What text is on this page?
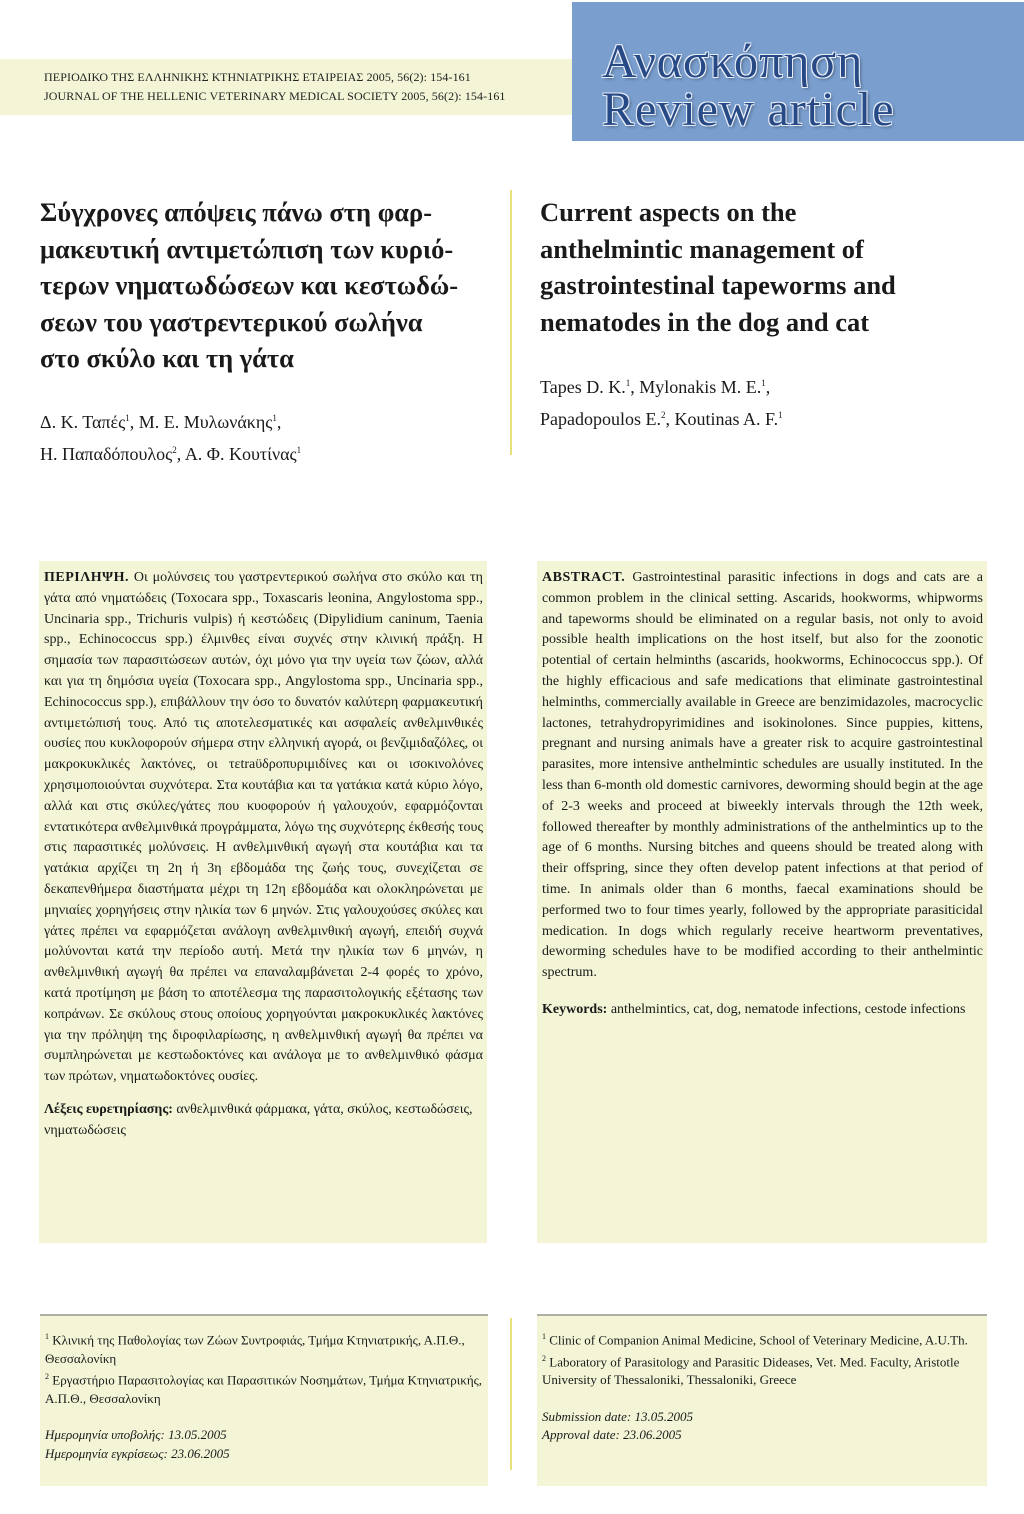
ΠΕΡΙΟΔΙΚΟ ΤΗΣ ΕΛΛΗΝΙΚΗΣ ΚΤΗΝΙΑΤΡΙΚΗΣ ΕΤΑΙΡΕΙΑΣ 2005, 56(2): 154-161
JOURNAL OF THE HELLENIC VETERINARY MEDICAL SOCIETY 2005, 56(2): 154-161
Ανασκόπηση
Review article
Σύγχρονες απόψεις πάνω στη φαρ-
μακευτική αντιμετώπιση των κυριό-
τερων νηματωδώσεων και κεστωδώ-
σεων του γαστρεντερικού σωλήνα
στο σκύλο και τη γάτα
Current aspects on the
anthelmintic management of
gastrointestinal tapeworms and
nematodes in the dog and cat
Δ. Κ. Ταπές$^1$, Μ. Ε. Μυλωνάκης$^1$,
Η. Παπαδόπουλος$^2$, Α. Φ. Κουτίνας$^1$
Tapes D. K.$^1$, Mylonakis M. E.$^1$,
Papadopoulos E.$^2$, Koutinas A. F.$^1$
ΠΕΡΙΛΗΨΗ. Οι μολύνσεις του γαστρεντερικού σωλήνα στο σκύλο και τη γάτα από νηματώδεις (Toxocara spp., Toxascaris leonina, Angylostoma spp., Uncinaria spp., Trichuris vulpis) ή κεστώδεις (Dipylidium caninum, Taenia spp., Echinococcus spp.) έλμινθες είναι συχνές στην κλινική πράξη. Η σημασία των παρασιτώσεων αυτών, όχι μόνο για την υγεία των ζώων, αλλά και για τη δημόσια υγεία (Toxocara spp., Angylostoma spp., Uncinaria spp., Echinococcus spp.), επιβάλλουν την όσο το δυνατόν καλύτερη φαρμακευτική αντιμετώπισή τους. Από τις αποτελεσματικές και ασφαλείς ανθελμινθικές ουσίες που κυκλοφορούν σήμερα στην ελληνική αγορά, οι βενζιμιδαζόλες, οι μακροκυκλικές λακτόνες, οι τεtraϋδροπυριμιδίνες και οι ισοκινολόνες χρησιμοποιούνται συχνότερα. Στα κουτάβια και τα γατάκια κατά κύριο λόγο, αλλά και στις σκύλες/γάτες που κυοφορούν ή γαλουχούν, εφαρμόζονται εντατικότερα ανθελμινθικά προγράμματα, λόγω της συχνότερης έκθεσής τους στις παρασιτικές μολύνσεις. Η ανθελμινθική αγωγή στα κουτάβια και τα γατάκια αρχίζει τη 2η ή 3η εβδομάδα της ζωής τους, συνεχίζεται σε δεκαπενθήμερα διαστήματα μέχρι τη 12η εβδομάδα και ολοκληρώνεται με μηνιαίες χορηγήσεις στην ηλικία των 6 μηνών. Στις γαλουχούσες σκύλες και γάτες πρέπει να εφαρμόζεται ανάλογη ανθελμινθική αγωγή, επειδή συχνά μολύνονται κατά την περίοδο αυτή. Μετά την ηλικία των 6 μηνών, η ανθελμινθική αγωγή θα πρέπει να επαναλαμβάνεται 2-4 φορές το χρόνο, κατά προτίμηση με βάση το αποτέλεσμα της παρασιτολογικής εξέτασης των κοπράνων. Σε σκύλους στους οποίους χορηγούνται μακροκυκλικές λακτόνες για την πρόληψη της διροφιλαρίωσης, η ανθελμινθική αγωγή θα πρέπει να συμπληρώνεται με κεστωδοκτόνες και ανάλογα με το ανθελμινθικό φάσμα των πρώτων, νηματωδοκτόνες ουσίες.
Λέξεις ευρετηρίασης: ανθελμινθικά φάρμακα, γάτα, σκύλος, κεστωδώσεις, νηματωδώσεις
ABSTRACT. Gastrointestinal parasitic infections in dogs and cats are a common problem in the clinical setting. Ascarids, hookworms, whipworms and tapeworms should be eliminated on a regular basis, not only to avoid possible health implications on the host itself, but also for the zoonotic potential of certain helminths (ascarids, hookworms, Echinococcus spp.). Of the highly efficacious and safe medications that eliminate gastrointestinal helminths, commercially available in Greece are benzimidazoles, macrocyclic lactones, tetrahydropyrimidines and isokinolones. Since puppies, kittens, pregnant and nursing animals have a greater risk to acquire gastrointestinal parasites, more intensive anthelmintic schedules are usually instituted. In the less than 6-month old domestic carnivores, deworming should begin at the age of 2-3 weeks and proceed at biweekly intervals through the 12th week, followed thereafter by monthly administrations of the anthelmintics up to the age of 6 months. Nursing bitches and queens should be treated along with their offspring, since they often develop patent infections at that period of time. In animals older than 6 months, faecal examinations should be performed two to four times yearly, followed by the appropriate parasiticidal medication. In dogs which regularly receive heartworm preventatives, deworming schedules have to be modified according to their anthelmintic spectrum.
Keywords: anthelmintics, cat, dog, nematode infections, cestode infections
$^1$ Κλινική της Παθολογίας των Ζώων Συντροφιάς, Τμήμα Κτηνιατρικής, Α.Π.Θ., Θεσσαλονίκη
$^2$ Εργαστήριο Παρασιτολογίας και Παρασιτικών Νοσημάτων, Τμήμα Κτηνιατρικής, Α.Π.Θ., Θεσσαλονίκη
Ημερομηνία υποβολής: 13.05.2005
Ημερομηνία εγκρίσεως: 23.06.2005
$^1$ Clinic of Companion Animal Medicine, School of Veterinary Medicine, A.U.Th.
$^2$ Laboratory of Parasitology and Parasitic Dideases, Vet. Med. Faculty, Aristotle University of Thessaloniki, Thessaloniki, Greece
Submission date: 13.05.2005
Approval date: 23.06.2005
